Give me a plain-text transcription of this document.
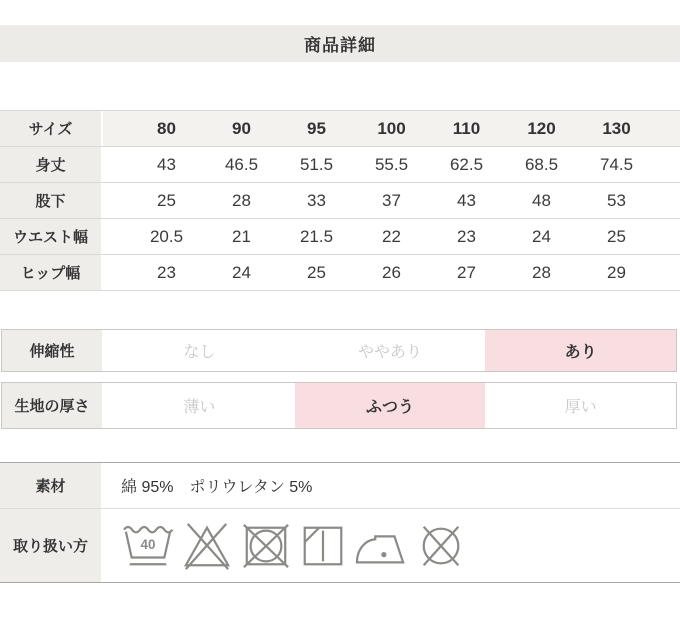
商品詳細
サイズ	80	90	95	100	110	120	130
身丈	43	46.5	51.5	55.5	62.5	68.5	74.5
股下	25	28	33	37	43	48	53
ウエスト幅	20.5	21	21.5	22	23	24	25
ヒップ幅	23	24	25	26	27	28	29
伸縮性	なし	ややあり	あり
生地の厚さ	薄い	ふつう	厚い
素材	綿 95%　ポリウレタン 5%
取り扱い方	40
